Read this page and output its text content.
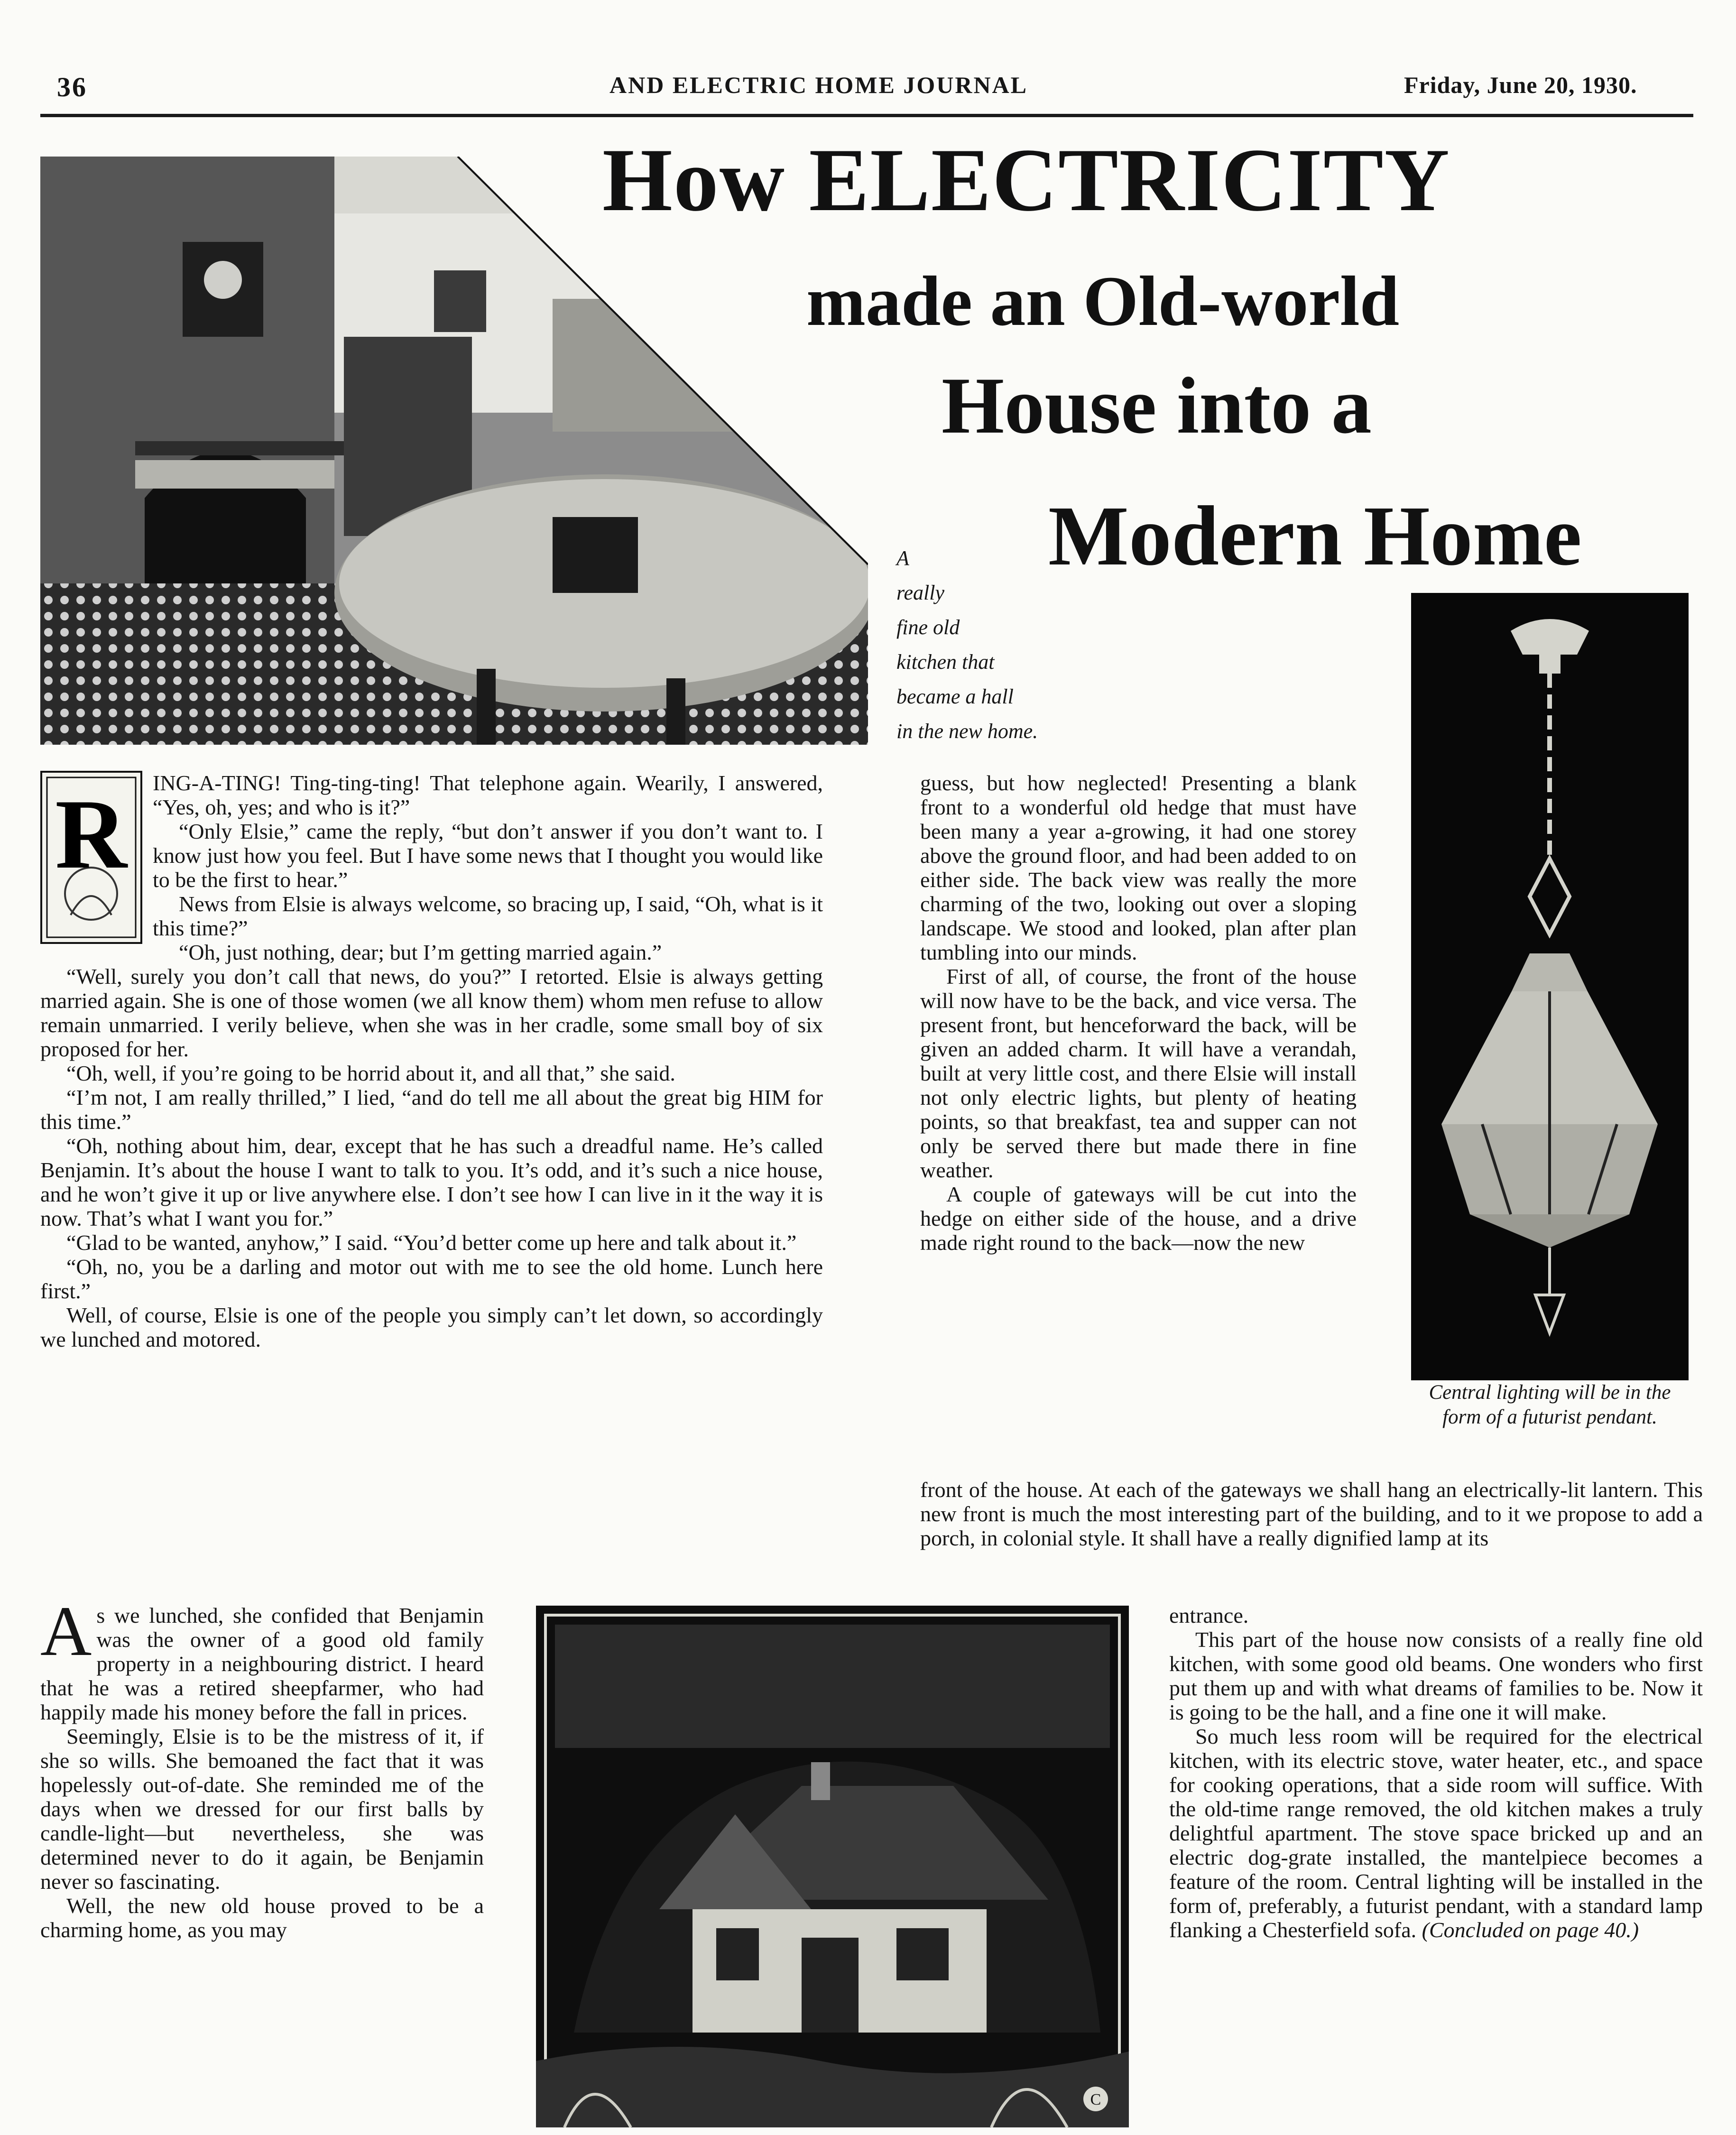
36	AND ELECTRIC HOME JOURNAL	Friday, June 20, 1930.
How ELECTRICITY
made an Old-world
House into a
Modern Home
A
really
fine old
kitchen that
became a hall
in the new home.
Central lighting will be in the form of a futurist pendant.
R	ING-A-TING! Ting-ting-ting! That telephone again. Wearily, I answered, “Yes, oh, yes; and who is it?”

“Only Elsie,” came the reply, “but don’t answer if you don’t want to. I know just how you feel. But I have some news that I thought you would like to be the first to hear.”

News from Elsie is always welcome, so bracing up, I said, “Oh, what is it this time?”

“Oh, just nothing, dear; but I’m getting married again.”

“Well, surely you don’t call that news, do you?” I retorted. Elsie is always getting married again. She is one of those women (we all know them) whom men refuse to allow remain unmarried. I verily believe, when she was in her cradle, some small boy of six proposed for her.

“Oh, well, if you’re going to be horrid about it, and all that,” she said.

“I’m not, I am really thrilled,” I lied, “and do tell me all about the great big HIM for this time.”

“Oh, nothing about him, dear, except that he has such a dreadful name. He’s called Benjamin. It’s about the house I want to talk to you. It’s odd, and it’s such a nice house, and he won’t give it up or live anywhere else. I don’t see how I can live in it the way it is now. That’s what I want you for.”

“Glad to be wanted, anyhow,” I said. “You’d better come up here and talk about it.”

“Oh, no, you be a darling and motor out with me to see the old home. Lunch here first.”

Well, of course, Elsie is one of the people you simply can’t let down, so accordingly we lunched and motored.

guess, but how neglected! Presenting a blank front to a wonderful old hedge that must have been many a year a-growing, it had one storey above the ground floor, and had been added to on either side. The back view was really the more charming of the two, looking out over a sloping landscape. We stood and looked, plan after plan tumbling into our minds.

First of all, of course, the front of the house will now have to be the back, and vice versa. The present front, but henceforward the back, will be given an added charm. It will have a verandah, built at very little cost, and there Elsie will install not only electric lights, but plenty of heating points, so that breakfast, tea and supper can not only be served there but made there in fine weather.

A couple of gateways will be cut into the hedge on either side of the house, and a drive made right round to the back—now the new

front of the house. At each of the gateways we shall hang an electrically-lit lantern. This new front is much the most interesting part of the building, and to it we propose to add a porch, in colonial style. It shall have a really dignified lamp at its

As we lunched, she confided that Benjamin was the owner of a good old family property in a neighbouring district. I heard that he was a retired sheepfarmer, who had happily made his money before the fall in prices.

Seemingly, Elsie is to be the mistress of it, if she so wills. She bemoaned the fact that it was hopelessly out-of-date. She reminded me of the days when we dressed for our first balls by candle-light—but nevertheless, she was determined never to do it again, be Benjamin never so fascinating.

Well, the new old house proved to be a charming home, as you may

C

entrance.

This part of the house now consists of a really fine old kitchen, with some good old beams. One wonders who first put them up and with what dreams of families to be. Now it is going to be the hall, and a fine one it will make.

So much less room will be required for the electrical kitchen, with its electric stove, water heater, etc., and space for cooking operations, that a side room will suffice. With the old-time range removed, the old kitchen makes a truly delightful apartment. The stove space bricked up and an electric dog-grate installed, the mantelpiece becomes a feature of the room. Central lighting will be installed in the form of, preferably, a futurist pendant, with a standard lamp flanking a Chesterfield sofa. (Concluded on page 40.)
